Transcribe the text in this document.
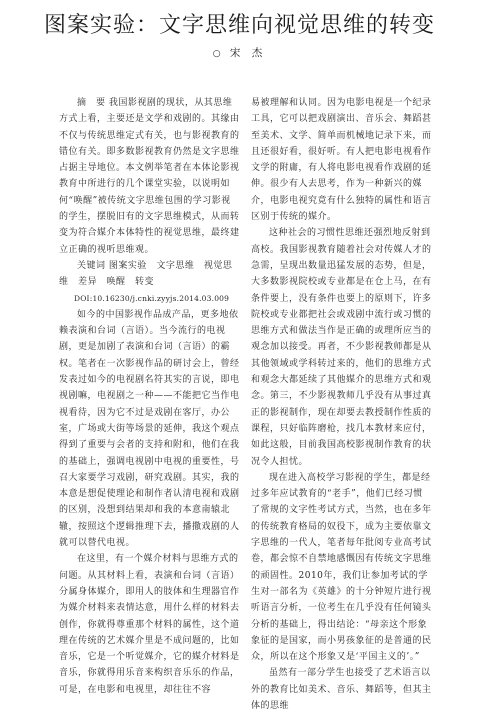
图案实验：文字思维向视觉思维的转变
○ 宋 杰

摘　要 我国影视剧的现状，从其思维方式上看，主要还是文学和戏剧的。其缘由不仅与传统思维定式有关，也与影视教育的错位有关。即多数影视教育仍然是文字思维占据主导地位。本文例举笔者在本体论影视教育中所进行的几个课堂实验，以说明如何“唤醒”被传统文字思维包围的学习影视的学生，摆脱旧有的文字思维模式，从而转变为符合媒介本体特性的视觉思维，最终建立正确的视听思维观。

关键词 图案实验　文字思维　视觉思维　差异　唤醒　转变

DOI:10.16230/j.cnki.zyyjs.2014.03.009

如今的中国影视作品成产品，更多地依赖表演和台词（言语）。当今流行的电视剧，更是加剧了表演和台词（言语）的霸权。笔者在一次影视作品的研讨会上，曾经发表过如今的电视剧名符其实的言说，即电视剧嘛，电视剧之一种——不能把它当作电视看待，因为它不过是戏剧在客厅，办公室，广场或大街等场景的延伸，我这个观点得到了重要与会者的支持和附和，他们在我的基础上，强调电视剧中电视的重要性，号召大家要学习戏剧，研究戏剧。其实，我的本意是想促使理论和制作者认清电视和戏剧的区别，没想到结果却和我的本意南辕北辙，按照这个逻辑推理下去，播撒戏剧的人就可以替代电视。

在这里，有一个媒介材料与思维方式的问题。从其材料上看，表演和台词（言语）分属身体媒介，即用人的肢体和生理器官作为媒介材料来表情达意，用什么样的材料去创作，你就得尊重那个材料的属性，这个道理在传统的艺术媒介里是不成问题的，比如音乐，它是一个听觉媒介，它的媒介材料是音乐，你就得用乐音来构织音乐乐的作品，可是，在电影和电视里，却往往不容

易被理解和认同。因为电影电视是一个纪录工具，它可以把戏剧演出、音乐会、舞蹈甚至美术、文学、简单而机械地记录下来，而且还很好看，很好听。有人把电影电视看作文学的附庸，有人将电影电视看作戏剧的延伸。很少有人去思考，作为一种新兴的媒介，电影电视究竟有什么独特的属性和语言区别于传统的媒介。

这种社会的习惯性思维还强烈地反射到高校。我国影视教育随着社会对传媒人才的急需，呈现出数量迅猛发展的态势，但是，大多数影视院校或专业都是在仓上马，在有条件要上，没有条件也要上的原则下，许多院校或专业都把社会或戏剧中流行或习惯的思维方式和做法当作是正确的或理所应当的观念加以接受。再者，不少影视教师都是从其他领域或学科转过来的，他们的思维方式和观念大都延续了其他媒介的思维方式和观念。第三，不少影视教师几乎没有从事过真正的影视制作，现在却要去教授制作性质的课程，只好临阵磨枪，找几本教材来应付，如此这般，目前我国高校影视制作教育的状况令人担忧。

现在进入高校学习影视的学生，都是经过多年应试教育的“老手”，他们已经习惯了常规的文字性考试方式，当然，也在多年的传统教育格局的奴役下，成为主要依靠文字思维的一代人，笔者每年批阅专业高考试卷，都会惊不自禁地感慨因有传统文字思维的顽固性。2010年，我们让参加考试的学生对一部名为《英雄》的十分钟短片进行视听语言分析，一位考生在几乎没有任何镜头分析的基础上，得出结论：“母亲这个形象象征的是国家，而小男孩象征的是普通的民众，所以在这个形象又是‘平国主义的’。”

虽然有一部分学生也接受了艺术语言以外的教育比如美术、音乐、舞蹈等，但其主体的思维
